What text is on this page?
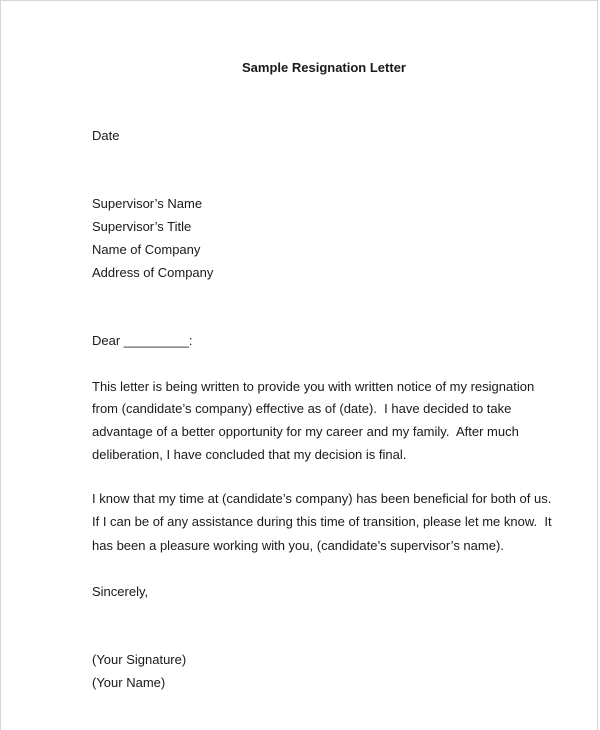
Sample Resignation Letter
Date
Supervisor’s Name
Supervisor’s Title
Name of Company
Address of Company
Dear _________:
This letter is being written to provide you with written notice of my resignation
from (candidate’s company) effective as of (date).  I have decided to take
advantage of a better opportunity for my career and my family.  After much
deliberation, I have concluded that my decision is final.
I know that my time at (candidate’s company) has been beneficial for both of us.
If I can be of any assistance during this time of transition, please let me know.  It
has been a pleasure working with you, (candidate’s supervisor’s name).
Sincerely,
(Your Signature)
(Your Name)
